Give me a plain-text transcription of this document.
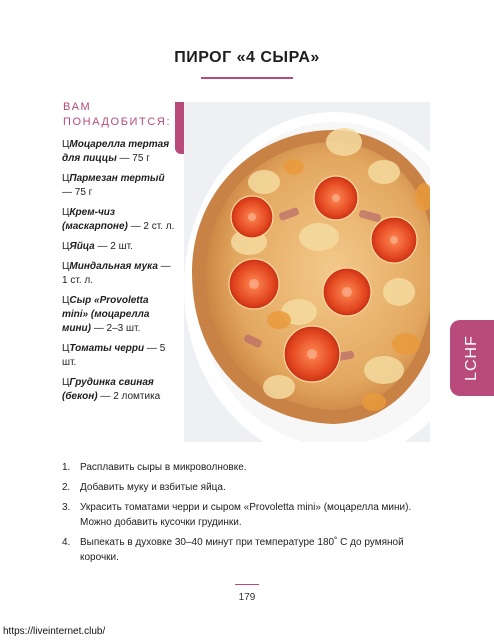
ПИРОГ «4 СЫРА»
ВАМ ПОНАДОБИТСЯ:
ЦМоцарелла тертая для пиццы — 75 г
ЦПармезан тертый — 75 г
ЦКрем-чиз (маскарпоне) — 2 ст. л.
ЦЯйца — 2 шт.
ЦМиндальная мука — 1 ст. л.
ЦСыр «Provoletta mini» (моцарелла мини) — 2–3 шт.
ЦТоматы черри — 5 шт.
ЦГрудинка свиная (бекон) — 2 ломтика
LCHF
1. Расплавить сыры в микроволновке.
2. Добавить муку и взбитые яйца.
3. Украсить томатами черри и сыром «Provoletta mini» (моцарелла мини). Можно добавить кусочки грудинки.
4. Выпекать в духовке 30–40 минут при температуре 180˚ С до румяной корочки.
179
https://liveinternet.club/
